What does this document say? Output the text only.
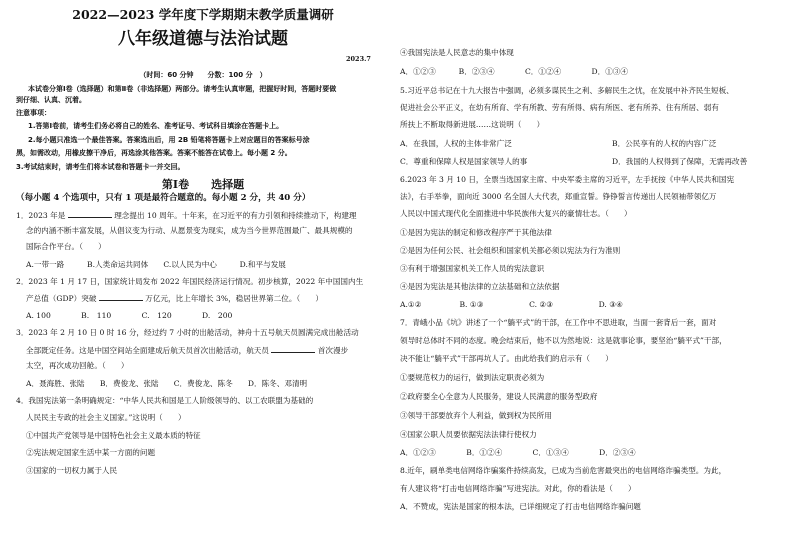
2022—2023 学年度下学期期末教学质量调研
八年级道德与法治试题
2023.7
（时间：60 分钟　　分数：100 分　）
本试卷分第Ⅰ卷（选择题）和第Ⅱ卷（非选择题）两部分。请考生认真审题，把握好时间，答题时要做
到仔细、认真、沉着。
注意事项：
1.答第Ⅰ卷前，请考生们务必将自己的姓名、准考证号、考试科目填涂在答题卡上。
2.每小题只准选一个最佳答案。答案选出后，用 2B 铅笔将答题卡上对应题目的答案标号涂
黑，如需改动，用橡皮擦干净后，再选涂其他答案。答案不能答在试卷上。每小题 2 分。
3.考试结束时，请考生们将本试卷和答题卡一并交回。
第Ⅰ卷　　选择题
（每小题 4 个选项中，只有 1 项是最符合题意的。每小题 2 分，共 40 分）
1．2023 年是	理念提出 10 周年。十年来，在习近平的有力引领和持续推动下，构建理
念的内涵不断丰富发展，从倡议变为行动、从愿景变为现实，成为当今世界范围最广、最具规模的
国际合作平台。（　　）
A.一带一路　　　B.人类命运共同体　　C.以人民为中心　　　D.和平与发展
2．2023 年 1 月 17 日，国家统计局发布 2022 年国民经济运行情况。初步核算，2022 年中国国内生
产总值（GDP）突破	万亿元，比上年增长 3%，稳居世界第二位。（　　）
A. 100　　　　B.　110　　　　C.　120　　　　D.　200
3．2023 年 2 月 10 日 0 时 16 分，经过约 7 小时的出舱活动，神舟十五号航天员圆满完成出舱活动
全部既定任务。这是中国空间站全面建成后航天员首次出舱活动，航天员	首次漫步
太空，再次成功回舱。（　　）
A．聂海胜、张陆　　B．费俊龙、张陆　　C．费俊龙、陈冬　　D．陈冬、邓清明
4．我国宪法第一条明确规定：“中华人民共和国是工人阶级领导的、以工农联盟为基础的
人民民主专政的社会主义国家。”这说明（　　）
①中国共产党领导是中国特色社会主义最本质的特征
②宪法规定国家生活中某一方面的问题
③国家的一切权力属于人民
④我国宪法是人民意志的集中体现
A．①②③　　　B．②③④　　　　C．①②④　　　　D．①③④
5.习近平总书记在十九大报告中强调，必须多谋民生之利、多解民生之忧，在发展中补齐民生短板、
促进社会公平正义，在幼有所育、学有所教、劳有所得、病有所医、老有所养、住有所居、弱有
所扶上不断取得新进展……这说明（　　）
A．在我国，人权的主体非常广泛	B．公民享有的人权的内容广泛
C．尊重和保障人权是国家领导人的事	D．我国的人权得到了保障，无需再改善
6.2023 年 3 月 10 日，全票当选国家主席、中央军委主席的习近平，左手抚按《中华人民共和国宪
法》，右手举拳，面向近 3000 名全国人大代表，郑重宣誓。铮铮誓言传递出人民领袖带领亿万
人民以中国式现代化全面推进中华民族伟大复兴的豪情壮志。（　　）
①是因为宪法的制定和修改程序严于其他法律
②是因为任何公民、社会组织和国家机关都必须以宪法为行为准则
③有利于增强国家机关工作人员的宪法意识
④是因为宪法是其他法律的立法基础和立法依据
A.①②　　　　　B. ①③　　　　　　C. ②③　　　　　　D. ③④
7．青峨小品《坑》讲述了一个“躺平式”的干部，在工作中不思进取，当面一套背后一套，面对
领导时总体时不同的态度。晚会结束后，他不以为然地说：这是就事论事，要坚治“躺平式”干部，
决不能让“躺平式”干部再坑人了。由此给我们的启示有（　　）
①要规范权力的运行，做到法定职责必须为
②政府要全心全意为人民服务，建设人民满意的服务型政府
③领导干部要放弃个人利益，做到权为民所用
④国家公职人员要依据宪法法律行使权力
A．①②③　　　　B．①②④　　　　C．①③④　　　　D．②③④
8.近年，刷单类电信网络诈骗案件持续高发，已成为当前危害最突出的电信网络诈骗类型。为此，
有人建议将“打击电信网络诈骗”写进宪法。对此，你的看法是（　　）
A．不赞成，宪法是国家的根本法，已详细规定了打击电信网络诈骗问题
